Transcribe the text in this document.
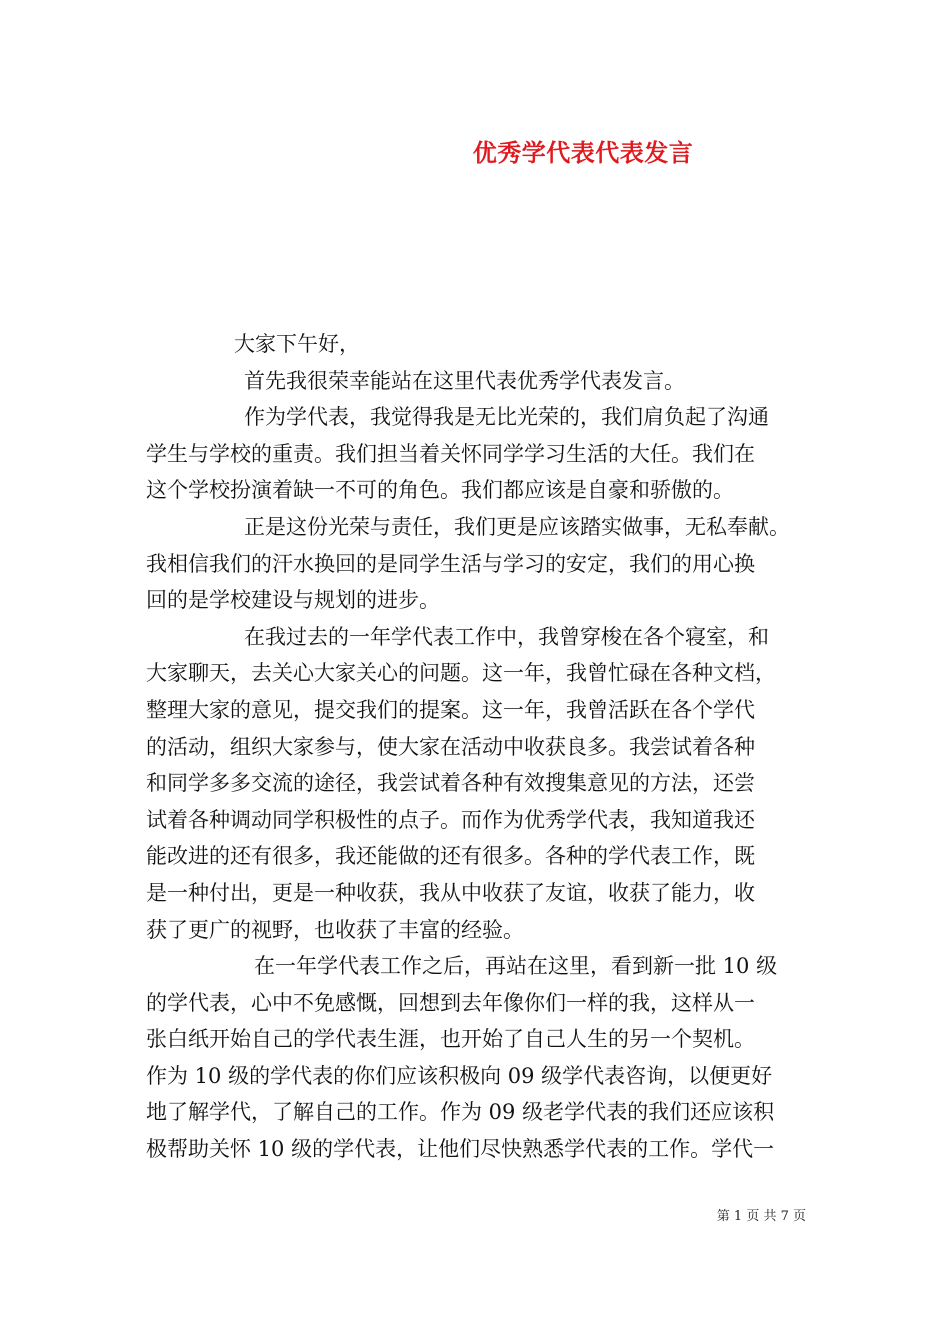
优秀学代表代表发言
大家下午好，
首先我很荣幸能站在这里代表优秀学代表发言。
作为学代表，我觉得我是无比光荣的，我们肩负起了沟通
学生与学校的重责。我们担当着关怀同学学习生活的大任。我们在
这个学校扮演着缺一不可的角色。我们都应该是自豪和骄傲的。
正是这份光荣与责任，我们更是应该踏实做事，无私奉献。
我相信我们的汗水换回的是同学生活与学习的安定，我们的用心换
回的是学校建设与规划的进步。
在我过去的一年学代表工作中，我曾穿梭在各个寝室，和
大家聊天，去关心大家关心的问题。这一年，我曾忙碌在各种文档，
整理大家的意见，提交我们的提案。这一年，我曾活跃在各个学代
的活动，组织大家参与，使大家在活动中收获良多。我尝试着各种
和同学多多交流的途径，我尝试着各种有效搜集意见的方法，还尝
试着各种调动同学积极性的点子。而作为优秀学代表，我知道我还
能改进的还有很多，我还能做的还有很多。各种的学代表工作，既
是一种付出，更是一种收获，我从中收获了友谊，收获了能力，收
获了更广的视野，也收获了丰富的经验。
在一年学代表工作之后，再站在这里，看到新一批 10 级
的学代表，心中不免感慨，回想到去年像你们一样的我，这样从一
张白纸开始自己的学代表生涯，也开始了自己人生的另一个契机。
作为 10 级的学代表的你们应该积极向 09 级学代表咨询，以便更好
地了解学代，了解自己的工作。作为 09 级老学代表的我们还应该积
极帮助关怀 10 级的学代表，让他们尽快熟悉学代表的工作。学代一
第 1 页 共 7 页
